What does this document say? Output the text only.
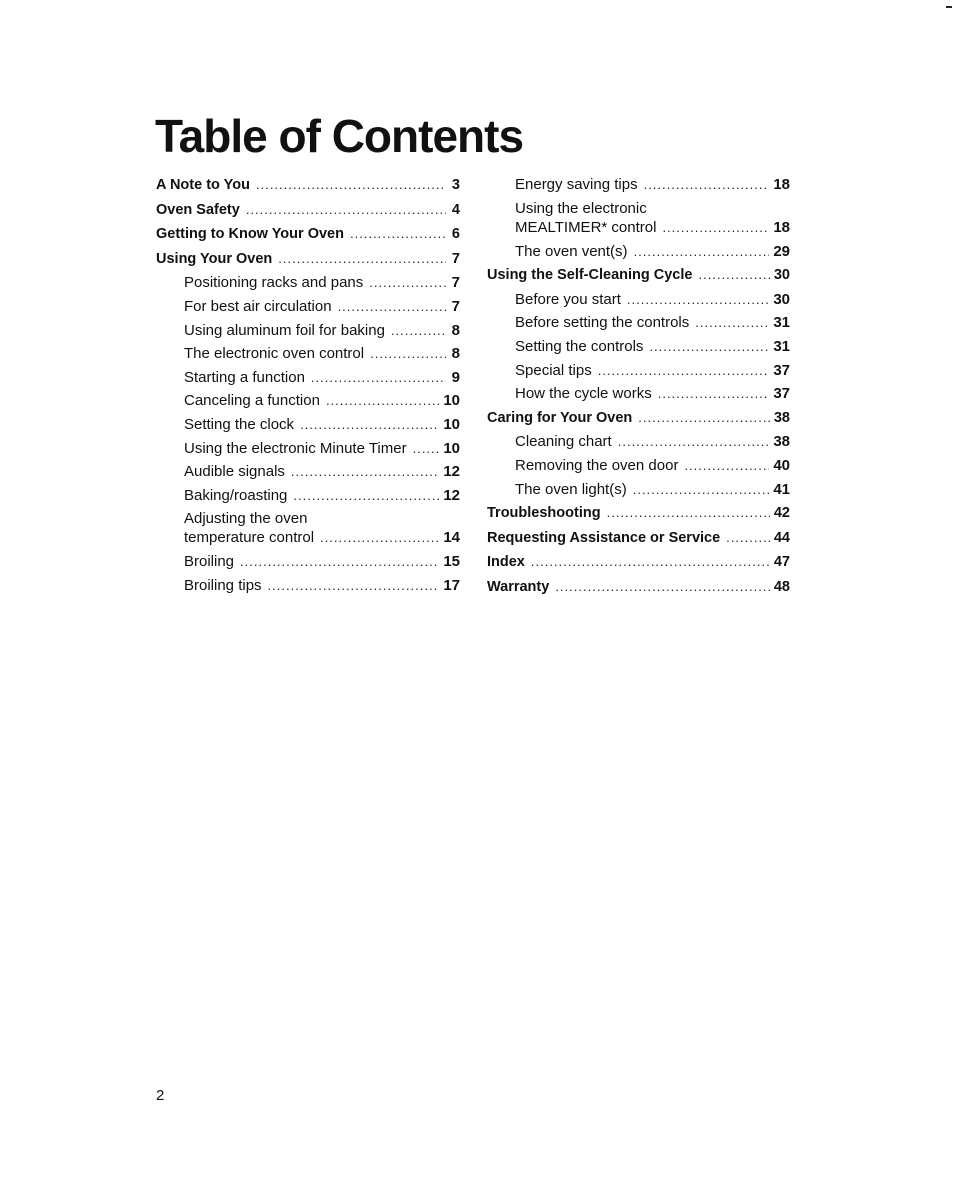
Table of Contents
A Note to You .....	3
Oven Safety .....	4
Getting to Know Your Oven .....	6
Using Your Oven .....	7
Positioning racks and pans .....	7
For best air circulation .....	7
Using aluminum foil for baking .....	8
The electronic oven control .....	8
Starting a function .....	9
Canceling a function .....	10
Setting the clock .....	10
Using the electronic Minute Timer .....	10
Audible signals .....	12
Baking/roasting .....	12
Adjusting the oven
temperature control .....	14
Broiling .....	15
Broiling tips .....	17
Energy saving tips .....	18
Using the electronic
MEALTIMER* control .....	18
The oven vent(s) .....	29
Using the Self-Cleaning Cycle .....	30
Before you start .....	30
Before setting the controls .....	31
Setting the controls .....	31
Special tips .....	37
How the cycle works .....	37
Caring for Your Oven .....	38
Cleaning chart .....	38
Removing the oven door .....	40
The oven light(s) .....	41
Troubleshooting .....	42
Requesting Assistance or Service .....	44
Index .....	47
Warranty .....	48
2
